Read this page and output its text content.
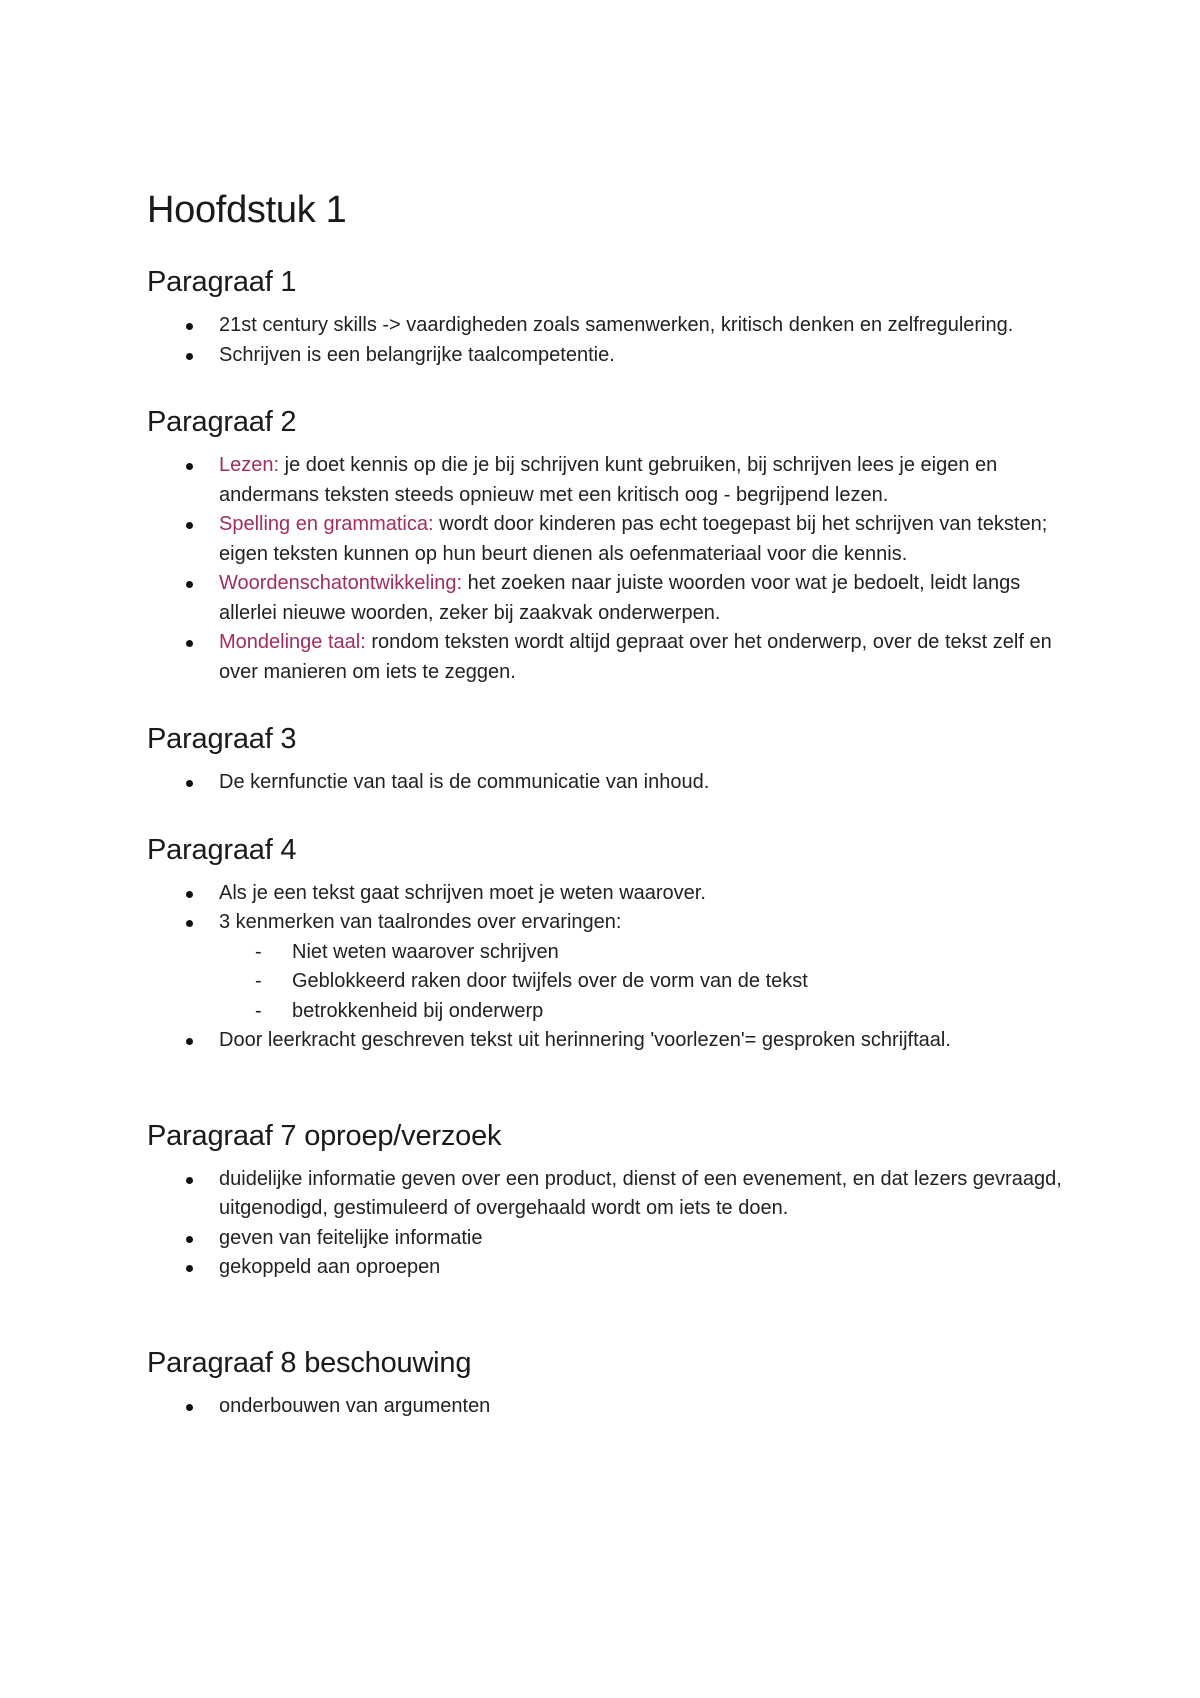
Hoofdstuk 1
Paragraaf 1
21st century skills -> vaardigheden zoals samenwerken, kritisch denken en zelfregulering.
Schrijven is een belangrijke taalcompetentie.
Paragraaf 2
Lezen: je doet kennis op die je bij schrijven kunt gebruiken, bij schrijven lees je eigen en andermans teksten steeds opnieuw met een kritisch oog - begrijpend lezen.
Spelling en grammatica: wordt door kinderen pas echt toegepast bij het schrijven van teksten; eigen teksten kunnen op hun beurt dienen als oefenmateriaal voor die kennis.
Woordenschatontwikkeling: het zoeken naar juiste woorden voor wat je bedoelt, leidt langs allerlei nieuwe woorden, zeker bij zaakvak onderwerpen.
Mondelinge taal: rondom teksten wordt altijd gepraat over het onderwerp, over de tekst zelf en over manieren om iets te zeggen.
Paragraaf 3
De kernfunctie van taal is de communicatie van inhoud.
Paragraaf 4
Als je een tekst gaat schrijven moet je weten waarover.
3 kenmerken van taalrondes over ervaringen:
- Niet weten waarover schrijven
- Geblokkeerd raken door twijfels over de vorm van de tekst
- betrokkenheid bij onderwerp
Door leerkracht geschreven tekst uit herinnering 'voorlezen'= gesproken schrijftaal.
Paragraaf 7 oproep/verzoek
duidelijke informatie geven over een product, dienst of een evenement, en dat lezers gevraagd, uitgenodigd, gestimuleerd of overgehaald wordt om iets te doen.
geven van feitelijke informatie
gekoppeld aan oproepen
Paragraaf 8 beschouwing
onderbouwen van argumenten
